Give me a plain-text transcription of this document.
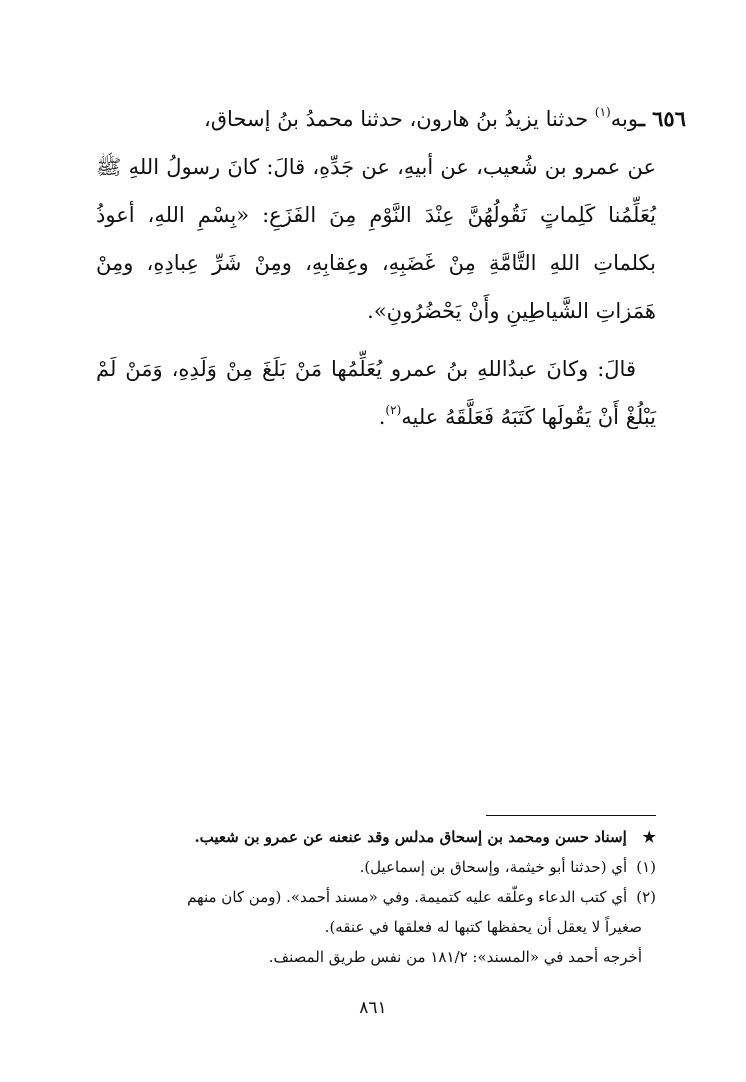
٦٥٦ ـوبه$^{(١)}$ حدثنا يزيدُ بنُ هارون، حدثنا محمدُ بنُ إسحاق،

عن عمرو بن شُعيب، عن أبيهِ، عن جَدِّهِ، قالَ: كانَ رسولُ اللهِ ﷺ يُعَلِّمُنا كَلِماتٍ نَقُولُهُنَّ عِنْدَ النَّوْمِ مِنَ الفَزَعِ: «بِسْمِ اللهِ، أعوذُ بكلماتِ اللهِ التَّامَّةِ مِنْ غَضَبِهِ، وعِقابِهِ، ومِنْ شَرِّ عِبادِهِ، ومِنْ هَمَزاتِ الشَّياطِينِ وأَنْ يَحْضُرُونِ».

قالَ: وكانَ عبدُاللهِ بنُ عمرو يُعَلِّمُها مَنْ بَلَغَ مِنْ وَلَدِهِ، وَمَنْ لَمْ يَبْلُغْ أَنْ يَقُولَها كَتَبَهُ فَعَلَّقَهُ عليه$^{(٢)}$.

★ إسناد حسن ومحمد بن إسحاق مدلس وقد عنعنه عن عمرو بن شعيب.

(١) أي (حدثنا أبو خيثمة، وإسحاق بن إسماعيل).

(٢) أي كتب الدعاء وعلّقه عليه كتميمة. وفي «مسند أحمد». (ومن كان منهم

صغيراً لا يعقل أن يحفظها كتبها له فعلقها في عنقه).

أخرجه أحمد في «المسند»: ١٨١/٢ من نفس طريق المصنف.

٨٦١
